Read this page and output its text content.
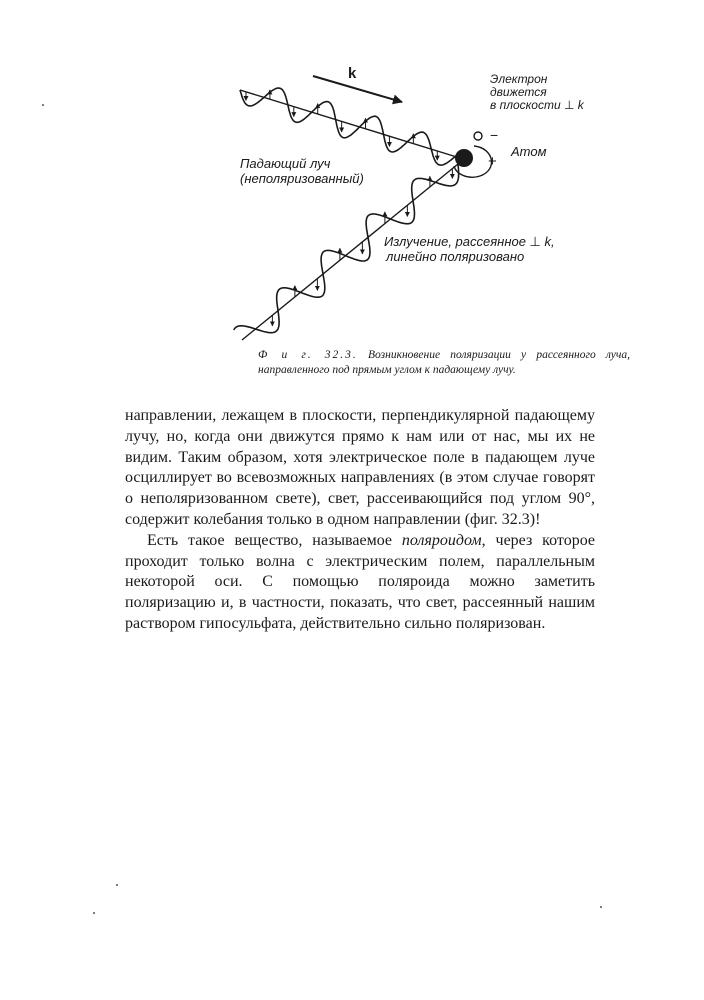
k	Электрон
движется
в плоскости ⊥ k
−
Атом
+
Падающий луч
(неполяризованный)
Излучение, рассеянное ⊥ k,
линейно поляризовано
Ф и г. 32.3. Возникновение поляризации у рассеянного луча, направленного под прямым углом к падающему лучу.

направлении, лежащем в плоскости, перпендикулярной падающему лучу, но, когда они движутся прямо к нам или от нас, мы их не видим. Таким образом, хотя электрическое поле в падающем луче осциллирует во всевозможных направлениях (в этом случае говорят о неполяризованном свете), свет, рассеивающийся под углом 90°, содержит колебания только в одном направлении (фиг. 32.3)!

Есть такое вещество, называемое поляроидом, через которое проходит только волна с электрическим полем, параллельным некоторой оси. С помощью поляроида можно заметить поляризацию и, в частности, показать, что свет, рассеянный нашим раствором гипосульфата, действительно сильно поляризован.
